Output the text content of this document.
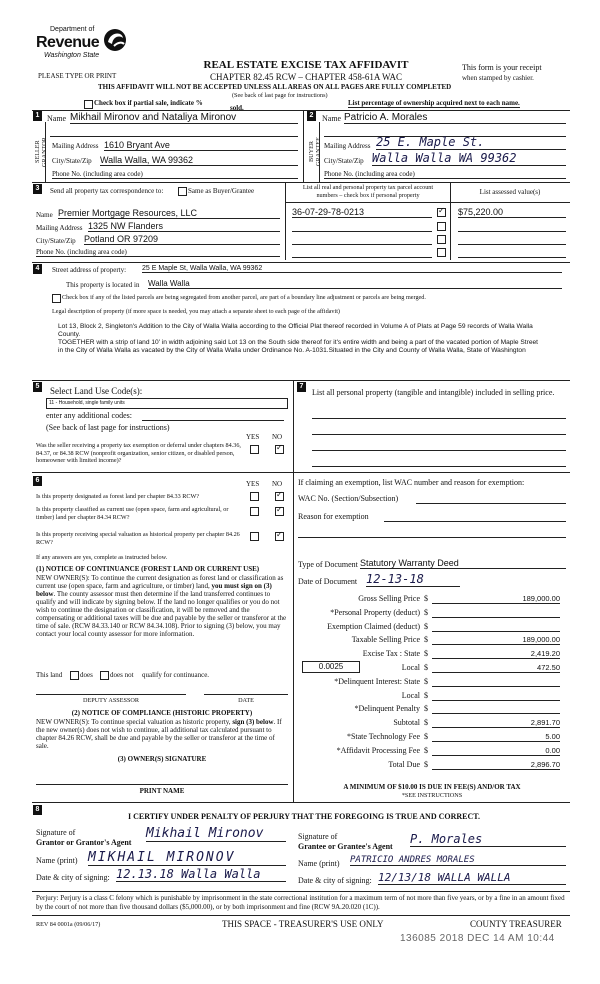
Department of
Revenue
Washington State
PLEASE TYPE OR PRINT
REAL ESTATE EXCISE TAX AFFIDAVIT
CHAPTER 82.45 RCW – CHAPTER 458-61A WAC
This form is your receipt
when stamped by cashier.
THIS AFFIDAVIT WILL NOT BE ACCEPTED UNLESS ALL AREAS ON ALL PAGES ARE FULLY COMPLETED
(See back of last page for instructions)
Check box if partial sale, indicate %
sold.
List percentage of ownership acquired next to each name.
1	2
SELLER GRANTOR
Name Mikhail Mironov and Nataliya Mironov
Mailing Address 1610 Bryant Ave
City/State/Zip Walla Walla, WA 99362
Phone No. (including area code)
BUYER GRANTEE
Name Patricio A. Morales
Mailing Address 25 E. Maple St.
City/State/Zip Walla Walla WA 99362
Phone No. (including area code)
3	Send all property tax correspondence to:	Same as Buyer/Grantee	List all real and personal property tax parcel account
numbers – check box if personal property	List assessed value(s)
Name Premier Mortgage Resources, LLC
Mailing Address 1325 NW Flanders
City/State/Zip Potland OR 97209
Phone No. (including area code)
36-07-29-78-0213
✓	$75,220.00
4	Street address of property: 25 E Maple St, Walla Walla, WA 99362
This property is located in Walla Walla
Check box if any of the listed parcels are being segregated from another parcel, are part of a boundary line adjustment or parcels are being merged.
Legal description of property (if more space is needed, you may attach a separate sheet to each page of the affidavit)
Lot 13, Block 2, Singleton's Addition to the City of Walla Walla according to the Official Plat thereof recorded in Volume A of Plats at Page 59 records of Walla Walla County.
TOGETHER with a strip of land 10' in width adjoining said Lot 13 on the South side thereof for it's entire width and being a part of the vacated portion of Maple Street in the City of Walla Walla as vacated by the City of Walla Walla under Ordinance No. A-1031.Situated in the City and County of Walla Walla, State of Washington
5 Select Land Use Code(s):
11 - Household, single family units
enter any additional codes:
(See back of last page for instructions)
YES NO
Was the seller receiving a property tax exemption or deferral under chapters 84.36, 84.37, or 84.38 RCW (nonprofit organization, senior citizen, or disabled person, homeowner with limited income)?
✓
7
List all personal property (tangible and intangible) included in selling price.
6	YES NO
Is this property designated as forest land per chapter 84.33 RCW?
✓
Is this property classified as current use (open space, farm and agricultural, or timber) land per chapter 84.34 RCW?
✓
Is this property receiving special valuation as historical property per chapter 84.26 RCW?
✓
If any answers are yes, complete as instructed below.
(1) NOTICE OF CONTINUANCE (FOREST LAND OR CURRENT USE)
NEW OWNER(S): To continue the current designation as forest land or classification as current use (open space, farm and agriculture, or timber) land, you must sign on (3) below. The county assessor must then determine if the land transferred continues to qualify and will indicate by signing below. If the land no longer qualifies or you do not wish to continue the designation or classification, it will be removed and the compensating or additional taxes will be due and payable by the seller or transferor at the time of sale. (RCW 84.33.140 or RCW 84.34.108). Prior to signing (3) below, you may contact your local county assessor for more information.
This land	does does not qualify for continuance.
DEPUTY ASSESSOR	DATE
(2) NOTICE OF COMPLIANCE (HISTORIC PROPERTY)
NEW OWNER(S): To continue special valuation as historic property, sign (3) below. If the new owner(s) does not wish to continue, all additional tax calculated pursuant to chapter 84.26 RCW, shall be due and payable by the seller or transferor at the time of sale.
(3) OWNER(S) SIGNATURE
PRINT NAME
If claiming an exemption, list WAC number and reason for exemption:
WAC No. (Section/Subsection)
Reason for exemption
Type of Document Statutory Warranty Deed
Date of Document 12-13-18
Gross Selling Price $	189,000.00
*Personal Property (deduct) $
Exemption Claimed (deduct) $
Taxable Selling Price $	189,000.00
Excise Tax : State $	2,419.20
Local $	472.50
*Delinquent Interest: State $
Local $
*Delinquent Penalty $
Subtotal $	2,891.70
*State Technology Fee $	5.00
*Affidavit Processing Fee $	0.00
Total Due $	2,896.70
0.0025
A MINIMUM OF $10.00 IS DUE IN FEE(S) AND/OR TAX
*SEE INSTRUCTIONS
8
I CERTIFY UNDER PENALTY OF PERJURY THAT THE FOREGOING IS TRUE AND CORRECT.
Signature of
Grantor or Grantor's Agent
Mikhail Mironov
Name (print) MIKHAIL MIRONOV
Date & city of signing: 12.13.18 Walla Walla
Signature of
Grantee or Grantee's Agent
P. Morales
Name (print) PATRICIO ANDRES MORALES
Date & city of signing: 12/13/18 WALLA WALLA
Perjury: Perjury is a class C felony which is punishable by imprisonment in the state correctional institution for a maximum term of not more than five years, or by a fine in an amount fixed by the court of not more than five thousand dollars ($5,000.00), or by both imprisonment and fine (RCW 9A.20.020 (1C)).
REV 84 0001a (09/06/17)	THIS SPACE - TREASURER'S USE ONLY	COUNTY TREASURER
136085 2018 DEC 14 AM 10:44
